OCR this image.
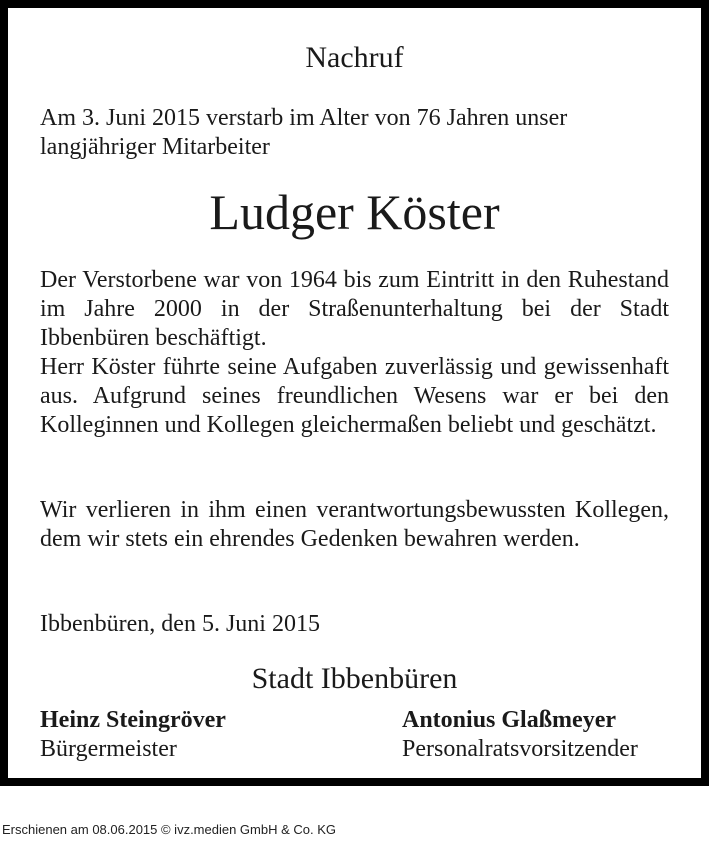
Nachruf
Am 3. Juni 2015 verstarb im Alter von 76 Jahren unser
langjähriger Mitarbeiter
Ludger Köster
Der Verstorbene war von 1964 bis zum Eintritt in den Ruhestand im Jahre 2000 in der Straßenunterhaltung bei der Stadt Ibbenbüren beschäftigt.
Herr Köster führte seine Aufgaben zuverlässig und gewissenhaft aus. Aufgrund seines freundlichen Wesens war er bei den Kolleginnen und Kollegen gleichermaßen beliebt und geschätzt.
Wir verlieren in ihm einen verantwortungsbewussten Kollegen, dem wir stets ein ehrendes Gedenken bewahren werden.
Ibbenbüren, den 5. Juni 2015
Stadt Ibbenbüren
Heinz Steingröver
Bürgermeister
Antonius Glaßmeyer
Personalratsvorsitzender
Erschienen am 08.06.2015 © ivz.medien GmbH & Co. KG
